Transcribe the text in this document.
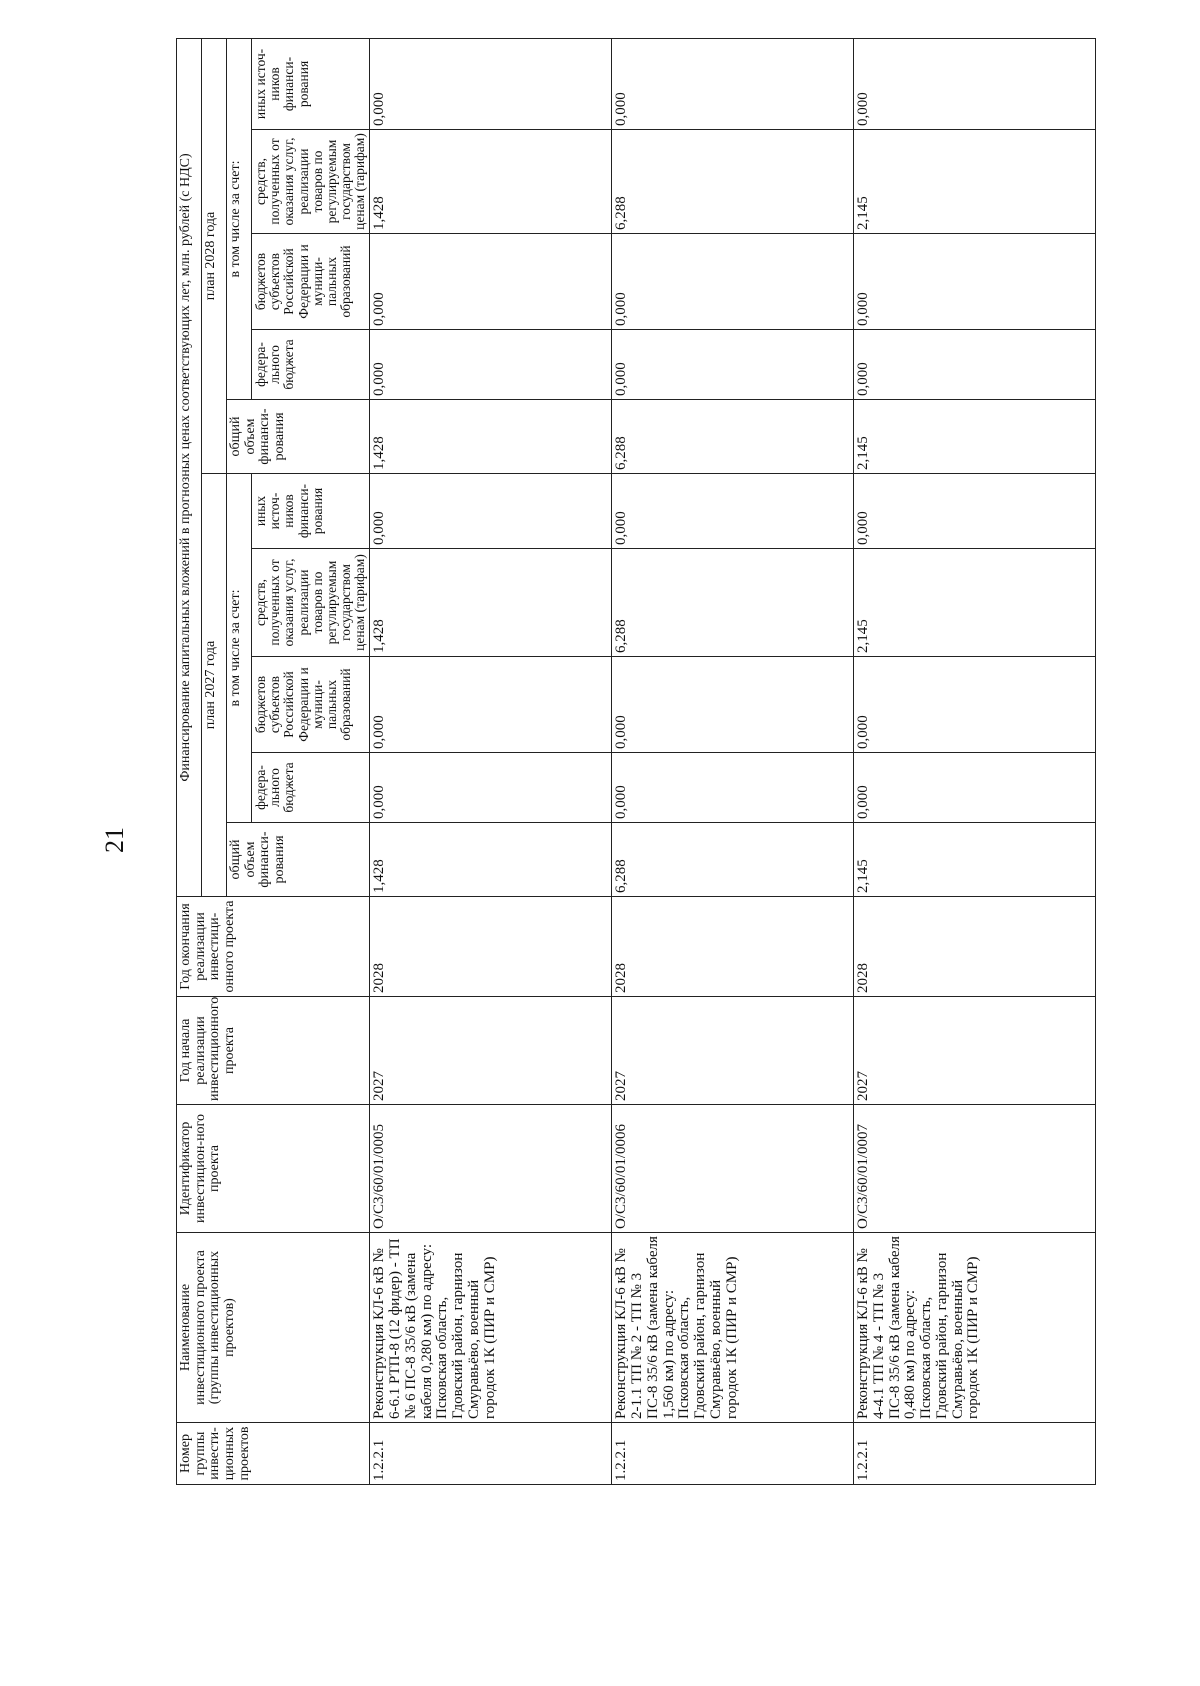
21
Номер группы инвести-ционных проектов	Наименование инвестиционного проекта (группы инвестиционных проектов)	Идентификатор инвестицион-ного проекта	Год начала реализации инвестиционного проекта	Год окончания реализации инвестици-онного проекта	Финансирование капитальных вложений в прогнозных ценах соответствующих лет, млн. рублей (с НДС)									
					план 2027 года					план 2028 года				
					общий объем финанси-рования	в том числе за счет:				общий объем финанси-рования	в том числе за счет:			
						федера-льного бюджета	бюджетов субъектов Российской Федерации и муници-пальных образований	средств, полученных от оказания услуг, реализации товаров по регулируемым государством ценам (тарифам)	иных источ-ников финанси-рования		федера-льного бюджета	бюджетов субъектов Российской Федерации и муници-пальных образований	средств, полученных от оказания услуг, реализации товаров по регулируемым государством ценам (тарифам)	иных источ-ников финанси-рования
1.2.2.1	Реконструкция КЛ-6 кВ № 6-6.1 РТП-8 (12 фидер) - ТП № 6 ПС-8 35/6 кВ (замена кабеля 0,280 км) по адресу: Псковская область, Гдовский район, гарнизон Смуравьёво, военный городок 1К (ПИР и СМР)	O/C3/60/01/0005	2027	2028	1,428	0,000	0,000	1,428	0,000	1,428	0,000	0,000	1,428	0,000
1.2.2.1	Реконструкция КЛ-6 кВ № 2-1.1 ТП № 2 - ТП № 3 ПС-8 35/6 кВ (замена кабеля 1,560 км) по адресу: Псковская область, Гдовский район, гарнизон Смуравьёво, военный городок 1К (ПИР и СМР)	O/C3/60/01/0006	2027	2028	6,288	0,000	0,000	6,288	0,000	6,288	0,000	0,000	6,288	0,000
1.2.2.1	Реконструкция КЛ-6 кВ № 4-4.1 ТП № 4 - ТП № 3 ПС-8 35/6 кВ (замена кабеля 0,480 км) по адресу: Псковская область, Гдовский район, гарнизон Смуравьёво, военный городок 1К (ПИР и СМР)	O/C3/60/01/0007	2027	2028	2,145	0,000	0,000	2,145	0,000	2,145	0,000	0,000	2,145	0,000
